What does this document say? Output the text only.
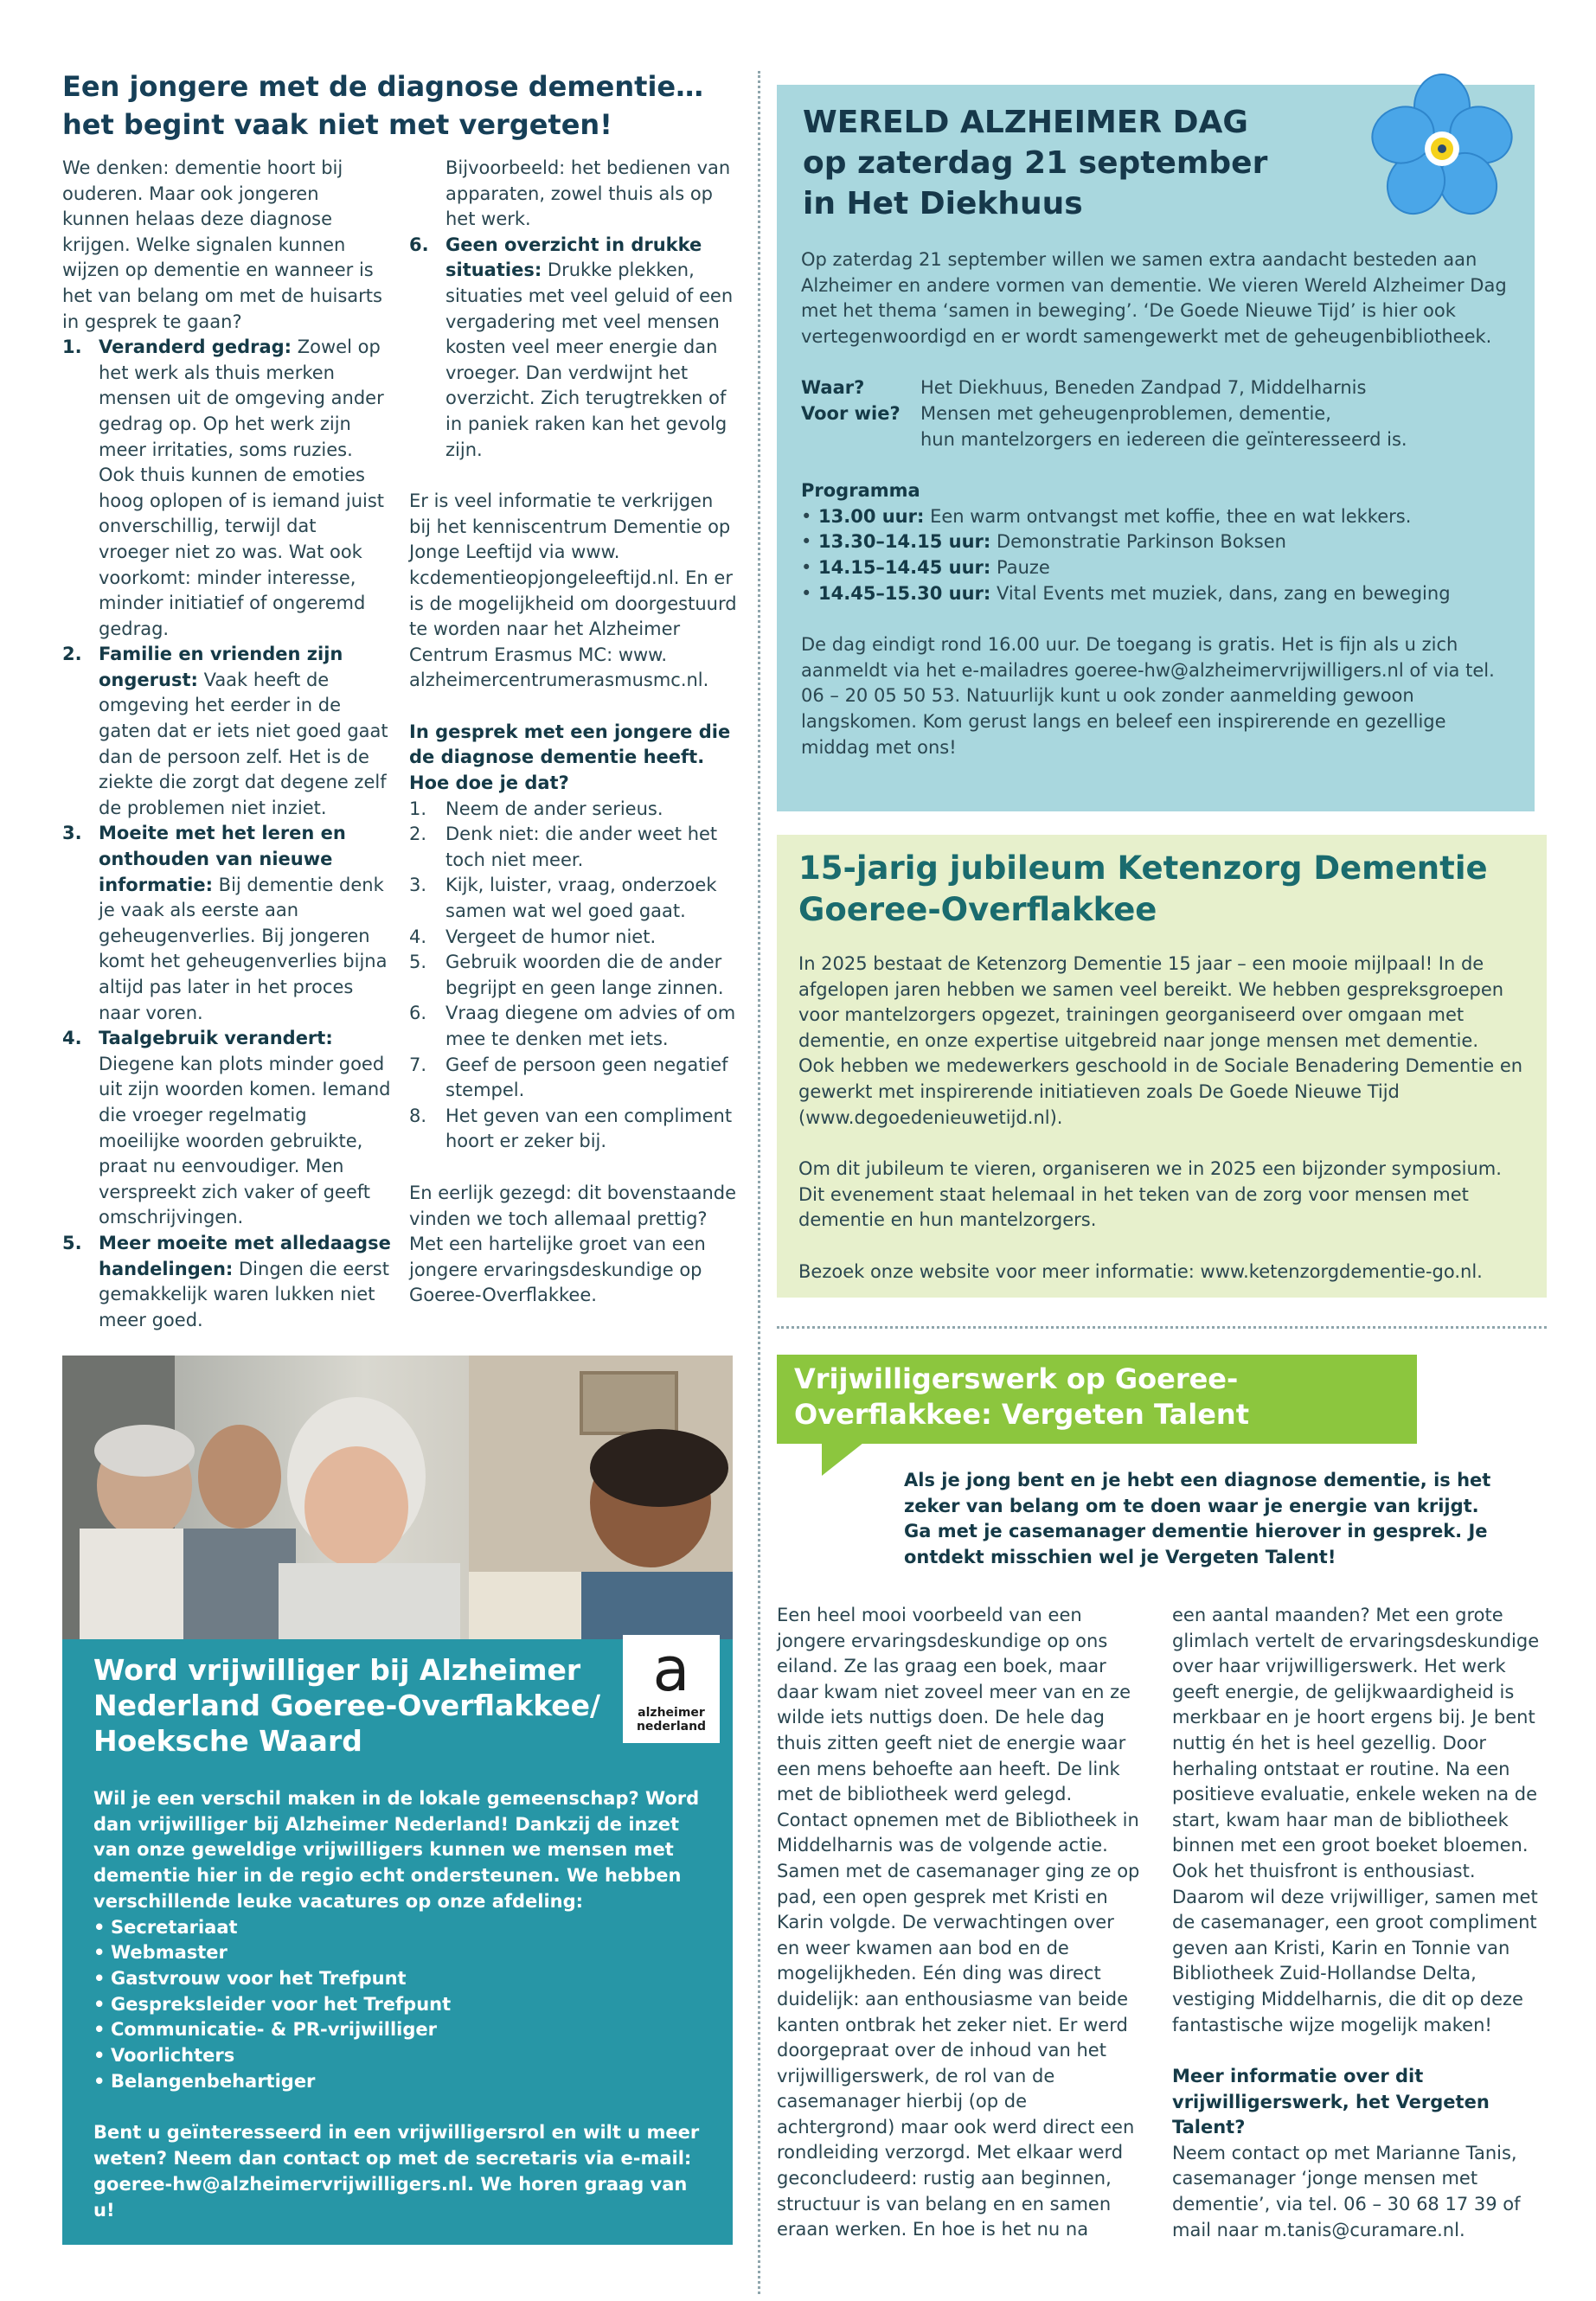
Een jongere met de diagnose dementie…
het begint vaak niet met vergeten!

We denken: dementie hoort bij ouderen. Maar ook jongeren kunnen helaas deze diagnose krijgen. Welke signalen kunnen wijzen op dementie en wanneer is het van belang om met de huisarts in gesprek te gaan?

1. Veranderd gedrag: Zowel op het werk als thuis merken mensen uit de omgeving ander gedrag op. Op het werk zijn meer irritaties, soms ruzies. Ook thuis kunnen de emoties hoog oplopen of is iemand juist onverschillig, terwijl dat vroeger niet zo was. Wat ook voorkomt: minder interesse, minder initiatief of ongeremd gedrag.
2. Familie en vrienden zijn ongerust: Vaak heeft de omgeving het eerder in de gaten dat er iets niet goed gaat dan de persoon zelf. Het is de ziekte die zorgt dat degene zelf de problemen niet inziet.
3. Moeite met het leren en onthouden van nieuwe informatie: Bij dementie denk je vaak als eerste aan geheugenverlies. Bij jongeren komt het geheugenverlies bijna altijd pas later in het proces naar voren.
4. Taalgebruik verandert: Diegene kan plots minder goed uit zijn woorden komen. Iemand die vroeger regelmatig moeilijke woorden gebruikte, praat nu eenvoudiger. Men verspreekt zich vaker of geeft omschrijvingen.
5. Meer moeite met alledaagse handelingen: Dingen die eerst gemakkelijk waren lukken niet meer goed.

Bijvoorbeeld: het bedienen van apparaten, zowel thuis als op het werk.

6. Geen overzicht in drukke situaties: Drukke plekken, situaties met veel geluid of een vergadering met veel mensen kosten veel meer energie dan vroeger. Dan verdwijnt het overzicht. Zich terugtrekken of in paniek raken kan het gevolg zijn.

Er is veel informatie te verkrijgen bij het kenniscentrum Dementie op Jonge Leeftijd via www. kcdementieopjongeleeftijd.nl. En er is de mogelijkheid om doorgestuurd te worden naar het Alzheimer Centrum Erasmus MC: www. alzheimercentrumerasmusmc.nl.

In gesprek met een jongere die de diagnose dementie heeft. Hoe doe je dat?

1. Neem de ander serieus.
2. Denk niet: die ander weet het toch niet meer.
3. Kijk, luister, vraag, onderzoek samen wat wel goed gaat.
4. Vergeet de humor niet.
5. Gebruik woorden die de ander begrijpt en geen lange zinnen.
6. Vraag diegene om advies of om mee te denken met iets.
7. Geef de persoon geen negatief stempel.
8. Het geven van een compliment hoort er zeker bij.

En eerlijk gezegd: dit bovenstaande vinden we toch allemaal prettig? Met een hartelijke groet van een jongere ervaringsdeskundige op Goeree-Overflakkee.

WERELD ALZHEIMER DAG
op zaterdag 21 september
in Het Diekhuus

Op zaterdag 21 september willen we samen extra aandacht besteden aan Alzheimer en andere vormen van dementie. We vieren Wereld Alzheimer Dag met het thema ‘samen in beweging’. ‘De Goede Nieuwe Tijd’ is hier ook vertegenwoordigd en er wordt samengewerkt met de geheugenbibliotheek.

Waar?	Het Diekhuus, Beneden Zandpad 7, Middelharnis
Voor wie?	Mensen met geheugenproblemen, dementie,
hun mantelzorgers en iedereen die geïnteresseerd is.

Programma

• 13.00 uur: Een warm ontvangst met koffie, thee en wat lekkers.
• 13.30–14.15 uur: Demonstratie Parkinson Boksen
• 14.15–14.45 uur: Pauze
• 14.45–15.30 uur: Vital Events met muziek, dans, zang en beweging

De dag eindigt rond 16.00 uur. De toegang is gratis. Het is fijn als u zich aanmeldt via het e-mailadres goeree-hw@alzheimervrijwilligers.nl of via tel. 06 – 20 05 50 53. Natuurlijk kunt u ook zonder aanmelding gewoon langskomen. Kom gerust langs en beleef een inspirerende en gezellige middag met ons!

15-jarig jubileum Ketenzorg Dementie
Goeree-Overflakkee

In 2025 bestaat de Ketenzorg Dementie 15 jaar – een mooie mijlpaal! In de afgelopen jaren hebben we samen veel bereikt. We hebben gespreksgroepen voor mantelzorgers opgezet, trainingen georganiseerd over omgaan met dementie, en onze expertise uitgebreid naar jonge mensen met dementie.

Ook hebben we medewerkers geschoold in de Sociale Benadering Dementie en gewerkt met inspirerende initiatieven zoals De Goede Nieuwe Tijd (www.degoedenieuwetijd.nl).

Om dit jubileum te vieren, organiseren we in 2025 een bijzonder symposium. Dit evenement staat helemaal in het teken van de zorg voor mensen met dementie en hun mantelzorgers.

Bezoek onze website voor meer informatie: www.ketenzorgdementie-go.nl.

Word vrijwilliger bij Alzheimer
Nederland Goeree-Overflakkee/
Hoeksche Waard
a
alzheimer
nederland

Wil je een verschil maken in de lokale gemeenschap? Word dan vrijwilliger bij Alzheimer Nederland! Dankzij de inzet van onze geweldige vrijwilligers kunnen we mensen met dementie hier in de regio echt ondersteunen. We hebben verschillende leuke vacatures op onze afdeling:

• Secretariaat
• Webmaster
• Gastvrouw voor het Trefpunt
• Gespreksleider voor het Trefpunt
• Communicatie- & PR-vrijwilliger
• Voorlichters
• Belangenbehartiger

Bent u geïnteresseerd in een vrijwilligersrol en wilt u meer weten? Neem dan contact op met de secretaris via e-mail: goeree-hw@alzheimervrijwilligers.nl. We horen graag van u!

Vrijwilligerswerk op Goeree-
Overflakkee: Vergeten Talent
Als je jong bent en je hebt een diagnose dementie, is het zeker van belang om te doen waar je energie van krijgt. Ga met je casemanager dementie hierover in gesprek. Je ontdekt misschien wel je Vergeten Talent!
Een heel mooi voorbeeld van een jongere ervaringsdeskundige op ons eiland. Ze las graag een boek, maar daar kwam niet zoveel meer van en ze wilde iets nuttigs doen. De hele dag thuis zitten geeft niet de energie waar een mens behoefte aan heeft. De link met de bibliotheek werd gelegd. Contact opnemen met de Bibliotheek in Middelharnis was de volgende actie. Samen met de casemanager ging ze op pad, een open gesprek met Kristi en Karin volgde. De verwachtingen over en weer kwamen aan bod en de mogelijkheden. Eén ding was direct duidelijk: aan enthousiasme van beide kanten ontbrak het zeker niet. Er werd doorgepraat over de inhoud van het vrijwilligerswerk, de rol van de casemanager hierbij (op de achtergrond) maar ook werd direct een rondleiding verzorgd. Met elkaar werd geconcludeerd: rustig aan beginnen, structuur is van belang en en samen eraan werken. En hoe is het nu na

een aantal maanden? Met een grote glimlach vertelt de ervaringsdeskundige over haar vrijwilligerswerk. Het werk geeft energie, de gelijkwaardigheid is merkbaar en je hoort ergens bij. Je bent nuttig én het is heel gezellig. Door herhaling ontstaat er routine. Na een positieve evaluatie, enkele weken na de start, kwam haar man de bibliotheek binnen met een groot boeket bloemen. Ook het thuisfront is enthousiast. Daarom wil deze vrijwilliger, samen met de casemanager, een groot compliment geven aan Kristi, Karin en Tonnie van Bibliotheek Zuid-Hollandse Delta, vestiging Middelharnis, die dit op deze fantastische wijze mogelijk maken!

Meer informatie over dit vrijwilligerswerk, het Vergeten Talent?

Neem contact op met Marianne Tanis, casemanager ‘jonge mensen met dementie’, via tel. 06 – 30 68 17 39 of mail naar m.tanis@curamare.nl.
